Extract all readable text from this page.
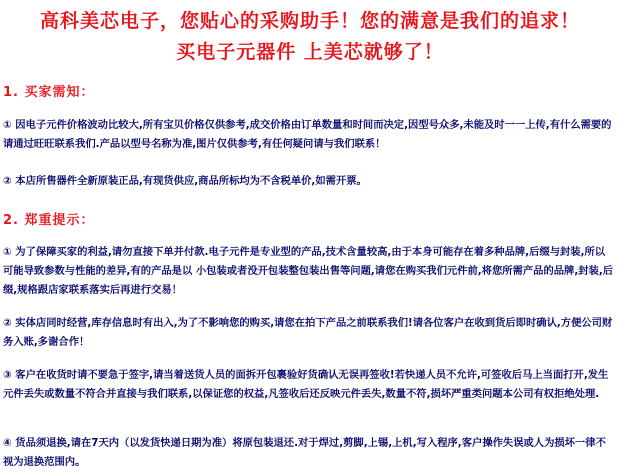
高科美芯电子，您贴心的采购助手！您的满意是我们的追求！
买电子元器件 上美芯就够了！
1. 买家需知：
① 因电子元件价格波动比较大,所有宝贝价格仅供参考,成交价格由订单数量和时间而决定,因型号众多,未能及时一一上传,有什么需要的请通过旺旺联系我们.产品以型号名称为准,图片仅供参考,有任何疑问请与我们联系！
② 本店所售器件全新原装正品,有现货供应,商品所标均为不含税单价,如需开票。
2. 郑重提示：
① 为了保障买家的利益,请勿直接下单并付款.电子元件是专业型的产品,技术含量较高,由于本身可能存在着多种品牌,后缀与封装,所以可能导致参数与性能的差异,有的产品是以 小包装或者没开包装整包装出售等问题,请您在购买我们元件前,将您所需产品的品牌,封装,后缀,规格跟店家联系落实后再进行交易！
② 实体店同时经营,库存信息时有出入,为了不影响您的购买,请您在拍下产品之前联系我们!请各位客户在收到货后即时确认,方便公司财务入账,多谢合作！
③ 客户在收货时请不要急于签字,请当着送货人员的面拆开包裹验好货确认无误再签收!若快递人员不允许,可签收后马上当面打开,发生元件丢失或数量不符合并直接与我们联系,以保证您的权益,凡签收后还反映元件丢失,数量不符,损坏严重类问题本公司有权拒绝处理.
④ 货品须退换,请在7天内（以发货快递日期为准）将原包装退还.对于焊过,剪脚,上锡,上机,写入程序,客户操作失误或人为损坏一律不视为退换范围内。
